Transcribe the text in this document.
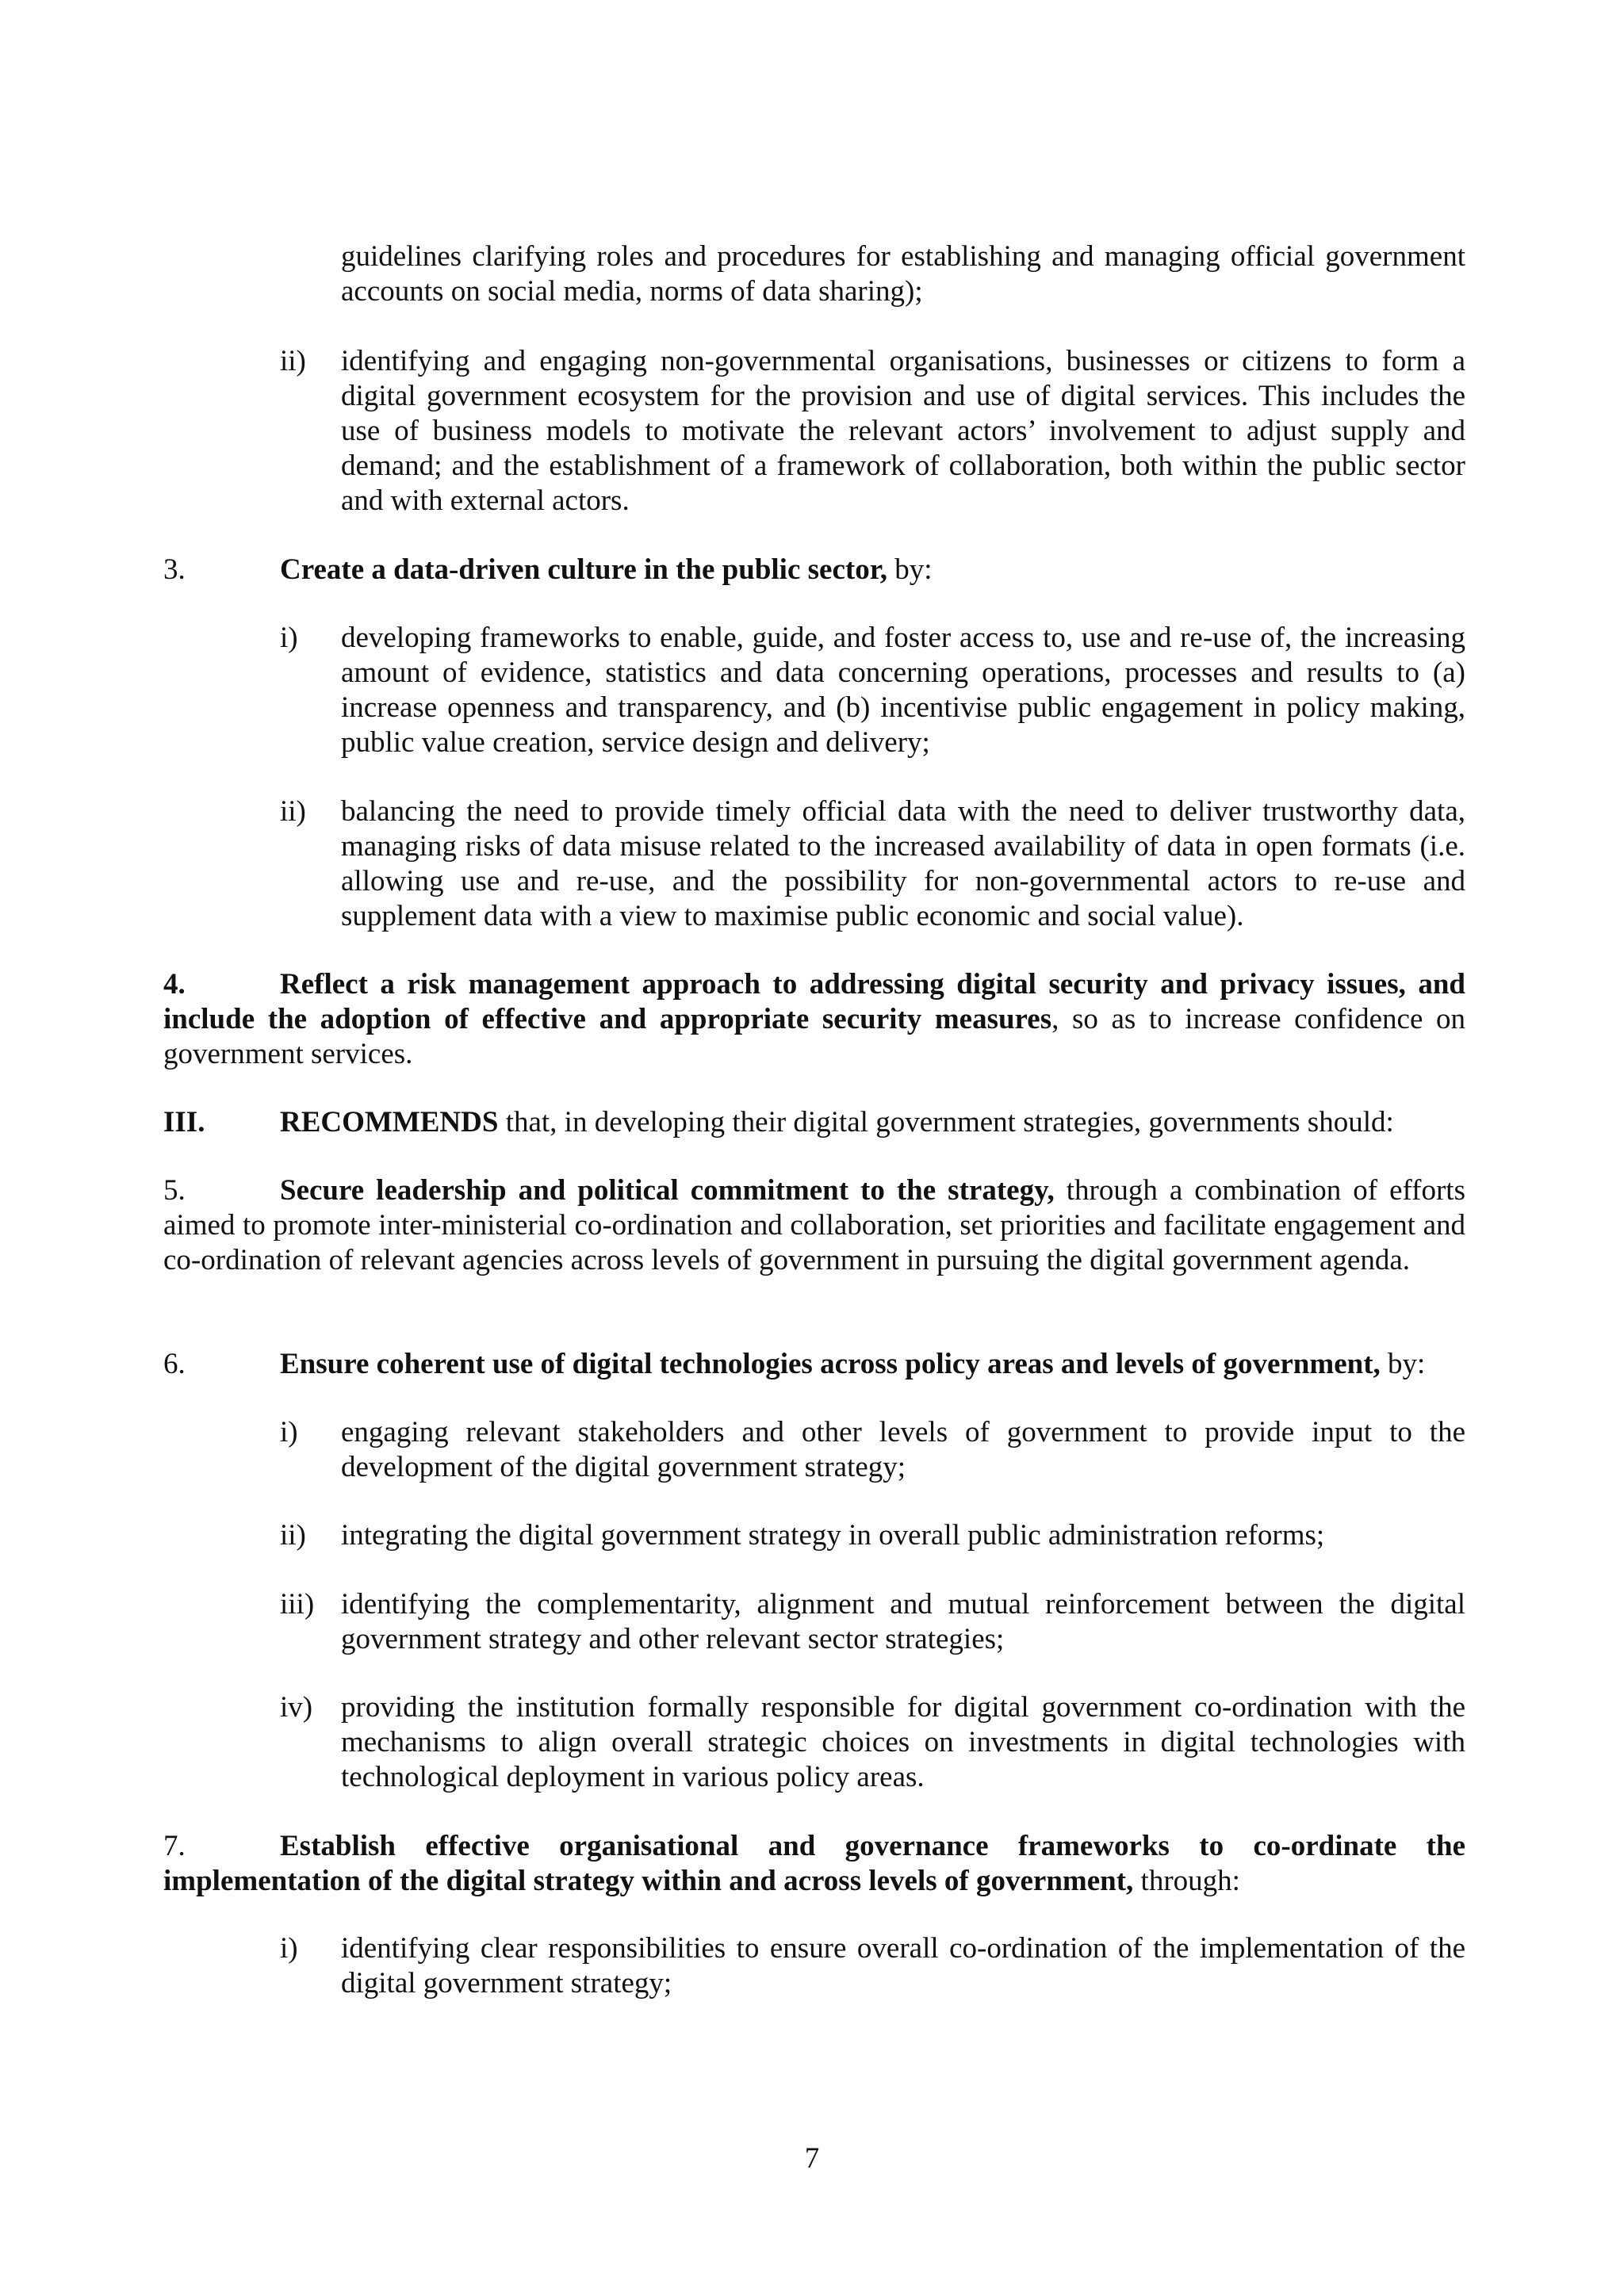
guidelines clarifying roles and procedures for establishing and managing official government accounts on social media, norms of data sharing);

ii) identifying and engaging non-governmental organisations, businesses or citizens to form a digital government ecosystem for the provision and use of digital services. This includes the use of business models to motivate the relevant actors’ involvement to adjust supply and demand; and the establishment of a framework of collaboration, both within the public sector and with external actors.

3.	Create a data-driven culture in the public sector, by:
i) developing frameworks to enable, guide, and foster access to, use and re-use of, the increasing amount of evidence, statistics and data concerning operations, processes and results to (a) increase openness and transparency, and (b) incentivise public engagement in policy making, public value creation, service design and delivery;

ii) balancing the need to provide timely official data with the need to deliver trustworthy data, managing risks of data misuse related to the increased availability of data in open formats (i.e. allowing use and re-use, and the possibility for non-governmental actors to re-use and supplement data with a view to maximise public economic and social value).

4.	Reflect a risk management approach to addressing digital security and privacy issues, and include the adoption of effective and appropriate security measures, so as to increase confidence on government services.

III.	RECOMMENDS that, in developing their digital government strategies, governments should:

5.	Secure leadership and political commitment to the strategy, through a combination of efforts aimed to promote inter-ministerial co-ordination and collaboration, set priorities and facilitate engagement and co-ordination of relevant agencies across levels of government in pursuing the digital government agenda.

6.	Ensure coherent use of digital technologies across policy areas and levels of government, by:
i) engaging relevant stakeholders and other levels of government to provide input to the development of the digital government strategy;

ii) integrating the digital government strategy in overall public administration reforms;

iii) identifying the complementarity, alignment and mutual reinforcement between the digital government strategy and other relevant sector strategies;

iv) providing the institution formally responsible for digital government co-ordination with the mechanisms to align overall strategic choices on investments in digital technologies with technological deployment in various policy areas.

7.	Establish effective organisational and governance frameworks to co-ordinate the implementation of the digital strategy within and across levels of government, through:

i) identifying clear responsibilities to ensure overall co-ordination of the implementation of the digital government strategy;

7
